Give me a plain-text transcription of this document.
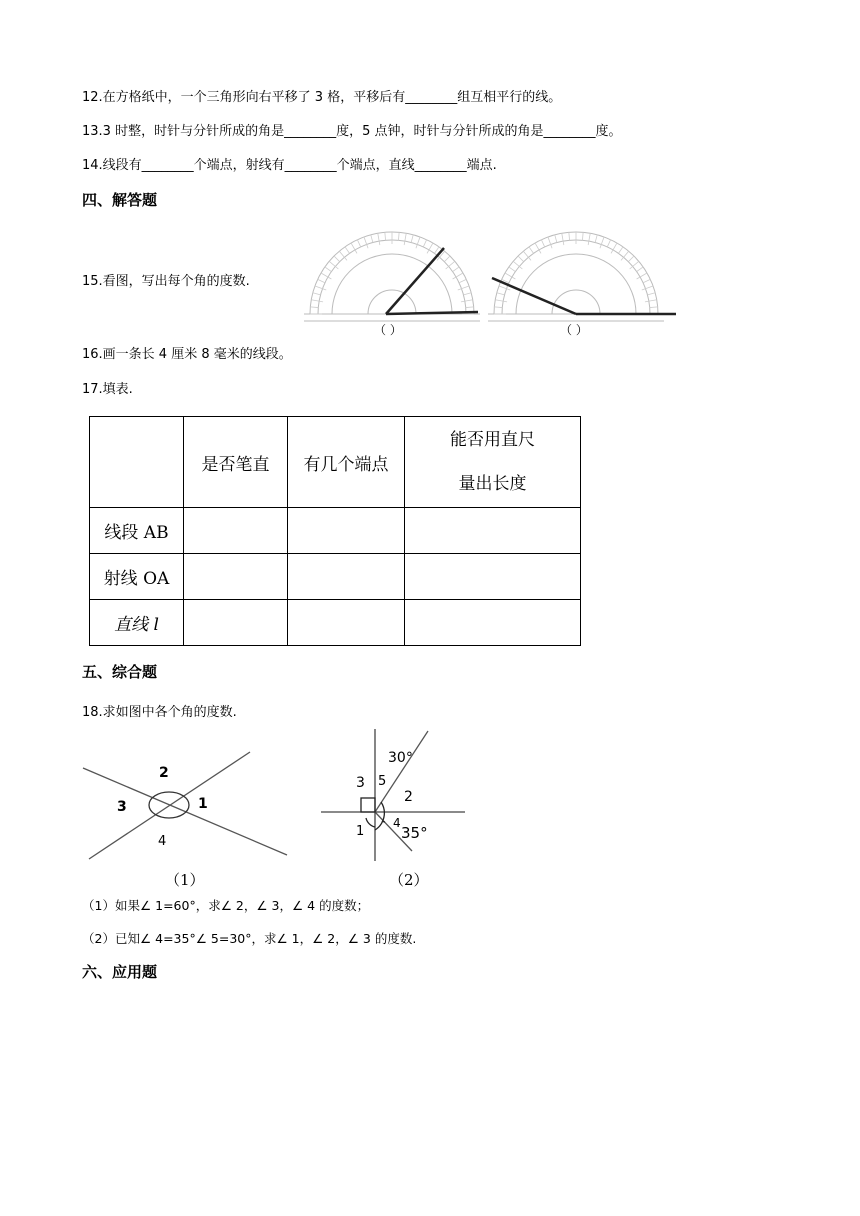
12.在方格纸中，一个三角形向右平移了 3 格，平移后有________组互相平行的线。
13.3 时整，时针与分针所成的角是________度，5 点钟，时针与分针所成的角是________度。
14.线段有________个端点，射线有________个端点，直线________端点.
四、解答题
15.看图，写出每个角的度数.
（ ）	（ ）
16.画一条长 4 厘米 8 毫米的线段。
17.填表.
	是否笔直	有几个端点	能否用直尺
量出长度

线段 AB			
射线 OA			
直线 l			
五、综合题
18.求如图中各个角的度数.
2
3	1
4
（1）
30°
3 5
2
1
4
35°
（2）
（1）如果∠ 1=60°，求∠ 2，∠ 3，∠ 4 的度数；
（2）已知∠ 4=35°∠ 5=30°，求∠ 1，∠ 2，∠ 3 的度数.
六、应用题
